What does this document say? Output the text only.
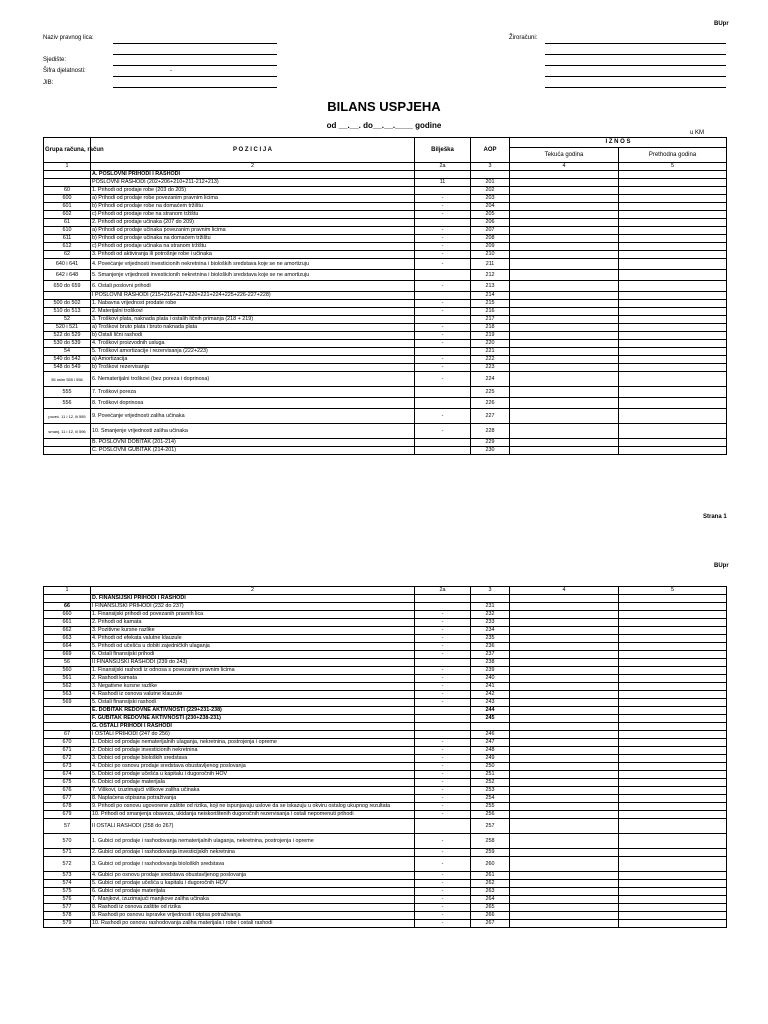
BUpr
Naziv pravnog lica:
Sjedište:
Šifra djelatnosti:	-
JIB:
Žiroračuni:
BILANS USPJEHA
od __.__. do__.__.____ godine
u KM
Grupa računa, račun	P O Z I C I J A	Bilješka	AOP	I Z N O S	
				Tekuća godina	Prethodna godina
1	2	2a	3	4	5
	A. POSLOVNI PRIHODI I RASHODI				
	POSLOVNI RASHODI (202+206+210+211-212+213)	11	201		
60	1. Prihodi od prodaje robe (203 do 205)		202		
600	a) Prihodi od prodaje robe povezanim pravnim licima	-	203		
601	b) Prihodi od prodaje robe na domaćem tržištu	-	204		
602	c) Prihodi od prodaje robe na stranom tržištu	-	205		
61	2. Prihodi od prodaje učinaka (207 do 209)		206		
610	a) Prihodi od prodaje učinaka povezanim pravnim licima	-	207		
611	b) Prihodi od prodaje učinaka na domaćem tržištu	-	208		
612	c) Prihodi od prodaje učinaka na stranom tržištu	-	209		
62	3. Prihodi od aktiviranja ili potrošnje robe i učinaka	-	210		
640 i 641	4. Povećanje vrijednosti investicionih nekretnina i bioloških sredstava koje se ne amortizuju	-	211		
642 i 648	5. Smanjenje vrijednosti investicionih nekretnina i bioloških sredstava koje se ne amortizuju		212		
650 do 659	6. Ostali poslovni prihodi	-	213		
	I POSLOVNI RASHODI (215+216+217+220+221+224+225+226-227+228)		214		
500 do 502	1. Nabavna vrijednost prodate robe	-	215		
510 do 513	2. Materijalni troškovi	-	216		
52	3. Troškovi plata, naknada plata i ostalih ličnih primanja (218 + 219)		217		
520 i 521	a) Troškovi bruto plata i bruto naknada plata	-	218		
522 do 529	b) Ostali lični rashodi	-	219		
530 do 539	4. Troškovi proizvodnih usluga	-	220		
54	5. Troškovi amortizacije i rezervisanja (222+223)		221		
540 do 542	a) Amortizacija	-	222		
548 do 549	b) Troškovi rezervisanja	-	223		
55 osim 555 i 556	6. Nematerijalni troškovi (bez poreza i doprinosa)	-	224		
555	7. Troškovi poreza		225		
556	8. Troškovi doprinosa		226		
poveć. 11 i 12, ili 595	9. Povećanje vrijednosti zaliha učinaka	-	227		
smanj. 11 i 12, ili 596	10. Smanjenje vrijednosti zaliha učinaka	-	228		
	B. POSLOVNI DOBITAK (201-214)		229		
	C. POSLOVNI GUBITAK (214-201)		230		
Strana 1
BUpr
1	2	2a	3	4	5
	D. FINANSIJSKI PRIHODI I RASHODI				
66	I FINANSIJSKI PRIHODI (232 do 237)		231		
660	1. Finansijski prihodi od povezanih pravnih lica	-	232		
661	2. Prihodi od kamata	-	233		
662	3. Pozitivne kursne razlike	-	234		
663	4. Prihodi od efekata valutne klauzule	-	235		
664	5. Prihodi od učešća u dobiti zajedničkih ulaganja	-	236		
669	6. Ostali finansijski prihodi	-	237		
56	II FINANSIJSKI RASHODI (239 do 243)		238		
560	1. Finansijski rashodi iz odnosa s povezanim pravnim licima	-	239		
561	2. Rashodi kamata	-	240		
562	3. Negativne kursne razlike	-	241		
563	4. Rashodi iz osnova valutne klauzule	-	242		
569	5. Ostali finansijski rashodi	-	243		
	E. DOBITAK REDOVNE AKTIVNOSTI (229+231-238)		244		
	F. GUBITAK REDOVNE AKTIVNOSTI (230+238-231)		245		
	G. OSTALI PRIHODI I RASHODI				
67	I OSTALI PRIHODI (247 do 256)		246		
670	1. Dobici od prodaje nematerijalnih ulaganja, nekretnina, postrojenja i opreme	-	247		
671	2. Dobici od prodaje investicionih nekretnina	-	248		
672	3. Dobici od prodaje bioloških sredstava	-	249		
673	4. Dobici po osnovu prodaje sredstava obustavljenog poslovanja	-	250		
674	5. Dobici od prodaje učešća u kapitalu i dugoročnih HOV	-	251		
675	6. Dobici od prodaje materijala	-	252		
676	7. Viškovi, izuzimajući viškove zaliha učinaka	-	253		
677	8. Naplaćena otpisana potraživanja	-	254		
678	9. Prihodi po osnovu ugovorene zaštite od rizika, koji ne ispunjavaju uslove da se iskazuju u okviru ostalog ukupnog rezultata	-	255		
679	10. Prihodi od smanjenja obaveza, ukidanja neiskorištenih dugoročnih rezervisanja i ostali nepomenuti prihodi	-	256		
57	II OSTALI RASHODI (258 do 267)		257		
570	1. Gubici od prodaje i rashodovanja nematerijalnih ulaganja, nekretnina, postrojenja i opreme	-	258		
571	2. Gubici od prodaje i rashodovanja investicijskih nekretnina	-	259		
572	3. Gubici od prodaje i rashodovanja bioloških sredstava	-	260		
573	4. Gubici po osnovu prodaje sredstava obustavljenog poslovanja	-	261		
574	5. Gubici od prodaje učešća u kapitalu i dugoročnih HOV	-	262		
575	6. Gubici od prodaje materijala	-	263		
576	7. Manjkovi, izuzimajući manjkove zaliha učinaka	-	264		
577	8. Rashodi iz osnova zaštite od rizika	-	265		
578	9. Rashodi po osnovu ispravke vrijednosti i otpisa potraživanja	-	266		
579	10. Rashodi po osnovu rashodovanja zaliha materijala i robe i ostali rashodi	-	267		
